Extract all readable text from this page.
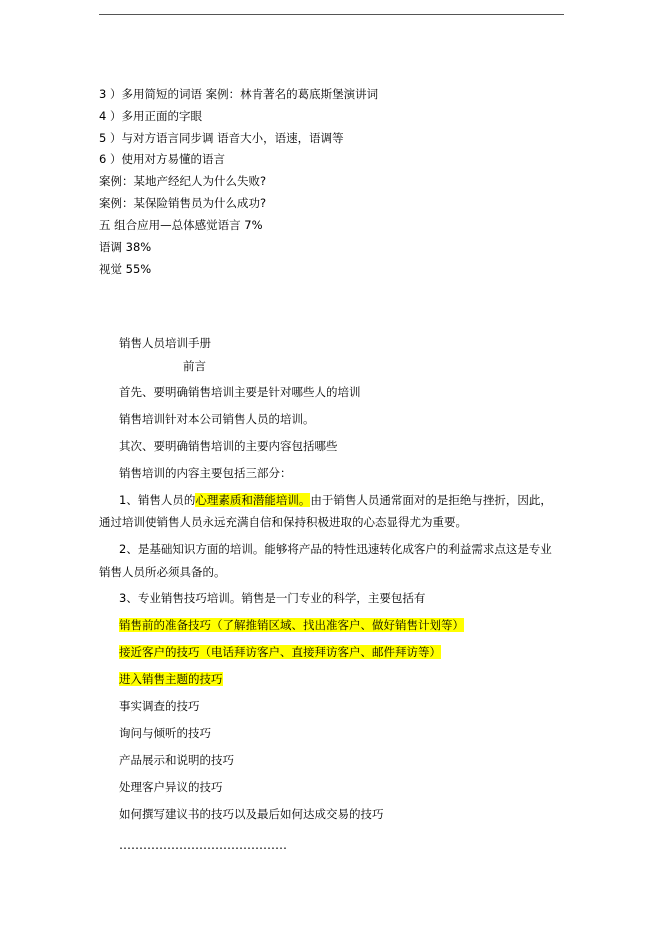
3 ）多用简短的词语 案例：林肯著名的葛底斯堡演讲词
4 ）多用正面的字眼
5 ）与对方语言同步调 语音大小，语速，语调等
6 ）使用对方易懂的语言
案例：某地产经纪人为什么失败?
案例：某保险销售员为什么成功?
五 组合应用—总体感觉语言 7%
语调 38%
视觉 55%
销售人员培训手册
前言
首先、要明确销售培训主要是针对哪些人的培训
销售培训针对本公司销售人员的培训。
其次、要明确销售培训的主要内容包括哪些
销售培训的内容主要包括三部分：
1、销售人员的心理素质和潜能培训。由于销售人员通常面对的是拒绝与挫折，因此，
通过培训使销售人员永远充满自信和保持积极进取的心态显得尤为重要。
2、是基础知识方面的培训。能够将产品的特性迅速转化成客户的利益需求点这是专业
销售人员所必须具备的。
3、专业销售技巧培训。销售是一门专业的科学，主要包括有
销售前的准备技巧（了解推销区域、找出准客户、做好销售计划等）
接近客户的技巧（电话拜访客户、直接拜访客户、邮件拜访等）
进入销售主题的技巧
事实调查的技巧
询问与倾听的技巧
产品展示和说明的技巧
处理客户异议的技巧
如何撰写建议书的技巧以及最后如何达成交易的技巧
……………………………………
